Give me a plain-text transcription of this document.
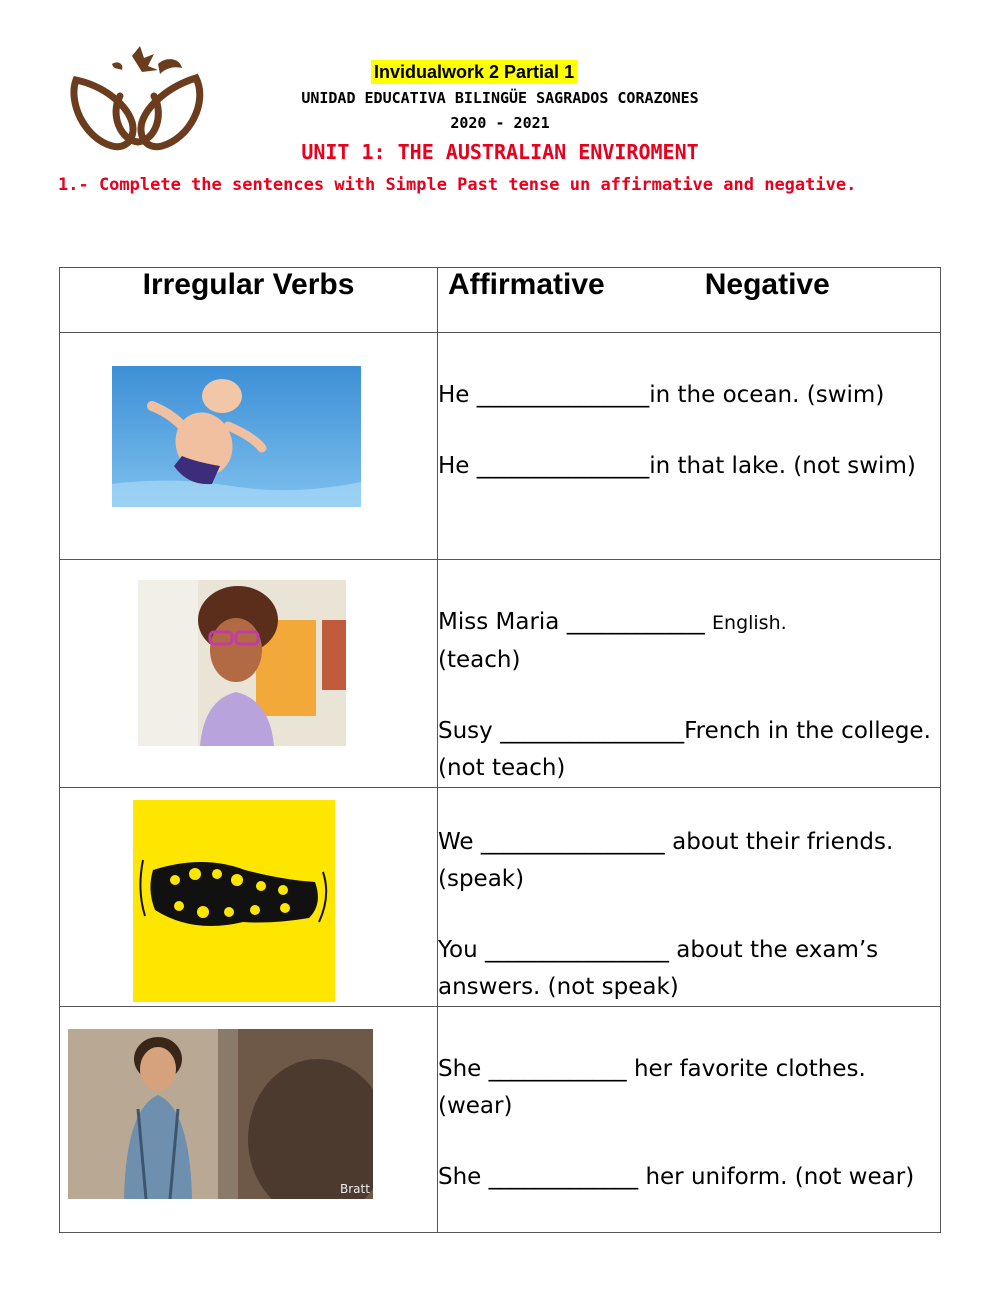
Invidualwork 2 Partial 1
UNIDAD EDUCATIVA BILINGÜE SAGRADOS CORAZONES
2020 - 2021
UNIT 1: THE AUSTRALIAN ENVIROMENT
1.- Complete the sentences with Simple Past tense un affirmative and negative.
Irregular Verbs	Affirmative Negative

He _______________in the ocean. (swim)
He _______________in that lake. (not swim)

Miss Maria ____________ English.
(teach)
Susy ________________French in the college. (not teach)

We ________________ about their friends. (speak)
You ________________ about the exam’s answers. (not speak)

Bratt	She ____________ her favorite clothes. (wear)
She _____________ her uniform. (not wear)
